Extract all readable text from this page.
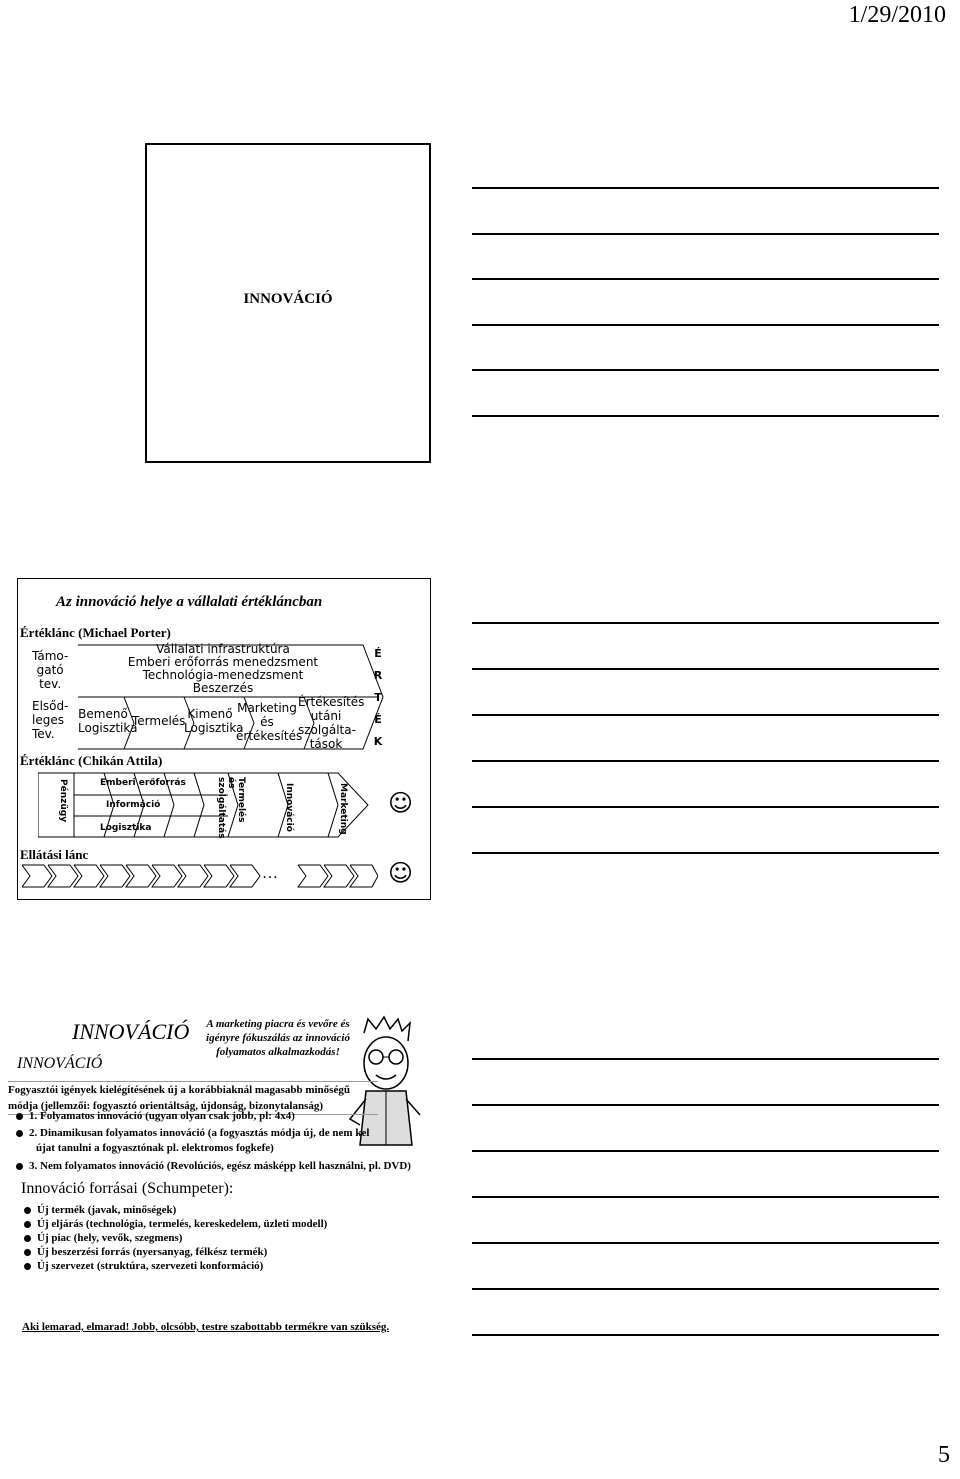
1/29/2010
5
INNOVÁCIÓ
Az innováció helye a vállalati értékláncban
Értéklánc (Michael Porter)
Támo-
gató
tev.
Elsőd-
leges
Tev.
Vállalati infrastruktúra
Emberi erőforrás menedzsment
Technológia-menedzsment
Beszerzés
Bemenő
Logisztika
Termelés Kimenő
Logisztika
Marketing
és
értékesítés
Értékesítés
utáni
szolgálta-
tások
É
R
T
É
K
Értéklánc (Chikán Attila)
Pénzügy	Emberi erőforrás
Információ
Logisztika
Termelés és szolgáltatás	Innováció	Marketing ☺
Ellátási lánc
…	☺
INNOVÁCIÓ
INNOVÁCIÓ
A marketing piacra és vevőre és
igényre fókuszálás az innováció
folyamatos alkalmazkodás!
Fogyasztói igények kielégítésének új a korábbiaknál magasabb minőségű
módja (jellemzői: fogyasztó orientáltság, újdonság, bizonytalanság)
1. Folyamatos innováció (ugyan olyan csak jobb, pl: 4x4)
2. Dinamikusan folyamatos innováció (a fogyasztás módja új, de nem kel
újat tanulni a fogyasztónak pl. elektromos fogkefe)
3. Nem folyamatos innováció (Revolúciós, egész másképp kell használni, pl. DVD)
Innováció forrásai (Schumpeter):
Új termék (javak, minőségek)
Új eljárás (technológia, termelés, kereskedelem, üzleti modell)
Új piac (hely, vevők, szegmens)
Új beszerzési forrás (nyersanyag, félkész termék)
Új szervezet (struktúra, szervezeti konformáció)
Aki lemarad, elmarad! Jobb, olcsóbb, testre szabottabb termékre van szükség.
